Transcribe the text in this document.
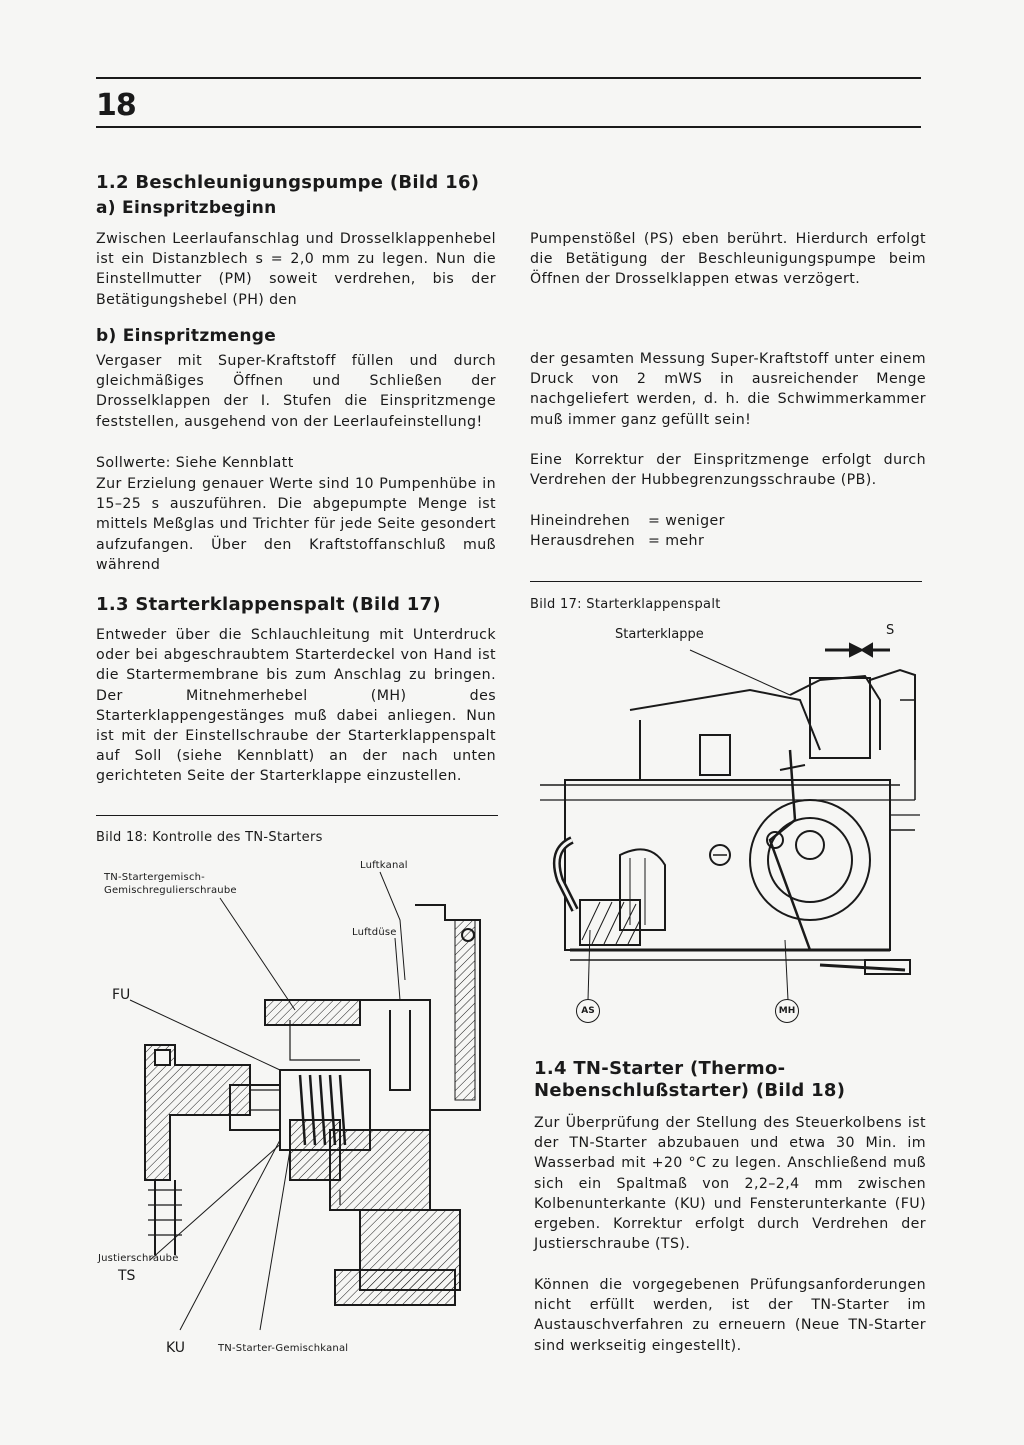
18
1.2 Beschleunigungspumpe (Bild 16)
a) Einspritzbeginn

Zwischen Leerlaufanschlag und Drosselklappenhebel ist ein Distanzblech s = 2,0 mm zu legen. Nun die Einstellmutter (PM) soweit verdrehen, bis der Betätigungshebel (PH) den

Pumpenstößel (PS) eben berührt. Hierdurch erfolgt die Betätigung der Beschleunigungspumpe beim Öffnen der Drosselklappen etwas verzögert.

b) Einspritzmenge

Vergaser mit Super-Kraftstoff füllen und durch gleichmäßiges Öffnen und Schließen der Drosselklappen der I. Stufen die Einspritzmenge feststellen, ausgehend von der Leerlaufeinstellung!

Sollwerte: Siehe Kennblatt

Zur Erzielung genauer Werte sind 10 Pumpenhübe in 15–25 s auszuführen. Die abgepumpte Menge ist mittels Meßglas und Trichter für jede Seite gesondert aufzufangen. Über den Kraftstoffanschluß muß während

der gesamten Messung Super-Kraftstoff unter einem Druck von 2 mWS in ausreichender Menge nachgeliefert werden, d. h. die Schwimmerkammer muß immer ganz gefüllt sein!

Eine Korrektur der Einspritzmenge erfolgt durch Verdrehen der Hubbegrenzungsschraube (PB).

Hineindrehen = weniger
Herausdrehen = mehr
1.3 Starterklappenspalt (Bild 17)

Entweder über die Schlauchleitung mit Unterdruck oder bei abgeschraubtem Starterdeckel von Hand ist die Startermembrane bis zum Anschlag zu bringen. Der Mitnehmerhebel (MH) des Starterklappengestänges muß dabei anliegen. Nun ist mit der Einstellschraube der Starterklappenspalt auf Soll (siehe Kennblatt) an der nach unten gerichteten Seite der Starterklappe einzustellen.

Bild 17: Starterklappenspalt
Starterklappe	S
AS	MH
Bild 18: Kontrolle des TN-Starters
TN-Startergemisch-
Gemischregulierschraube
Luftkanal
Luftdüse
FU
Justierschraube
TS
KU	TN-Starter-Gemischkanal
1.4 TN-Starter (Thermo-
Nebenschlußstarter) (Bild 18)

Zur Überprüfung der Stellung des Steuerkolbens ist der TN-Starter abzubauen und etwa 30 Min. im Wasserbad mit +20 °C zu legen. Anschließend muß sich ein Spaltmaß von 2,2–2,4 mm zwischen Kolbenunterkante (KU) und Fensterunterkante (FU) ergeben. Korrektur erfolgt durch Verdrehen der Justierschraube (TS).

Können die vorgegebenen Prüfungsanforderungen nicht erfüllt werden, ist der TN-Starter im Austauschverfahren zu erneuern (Neue TN-Starter sind werkseitig eingestellt).
